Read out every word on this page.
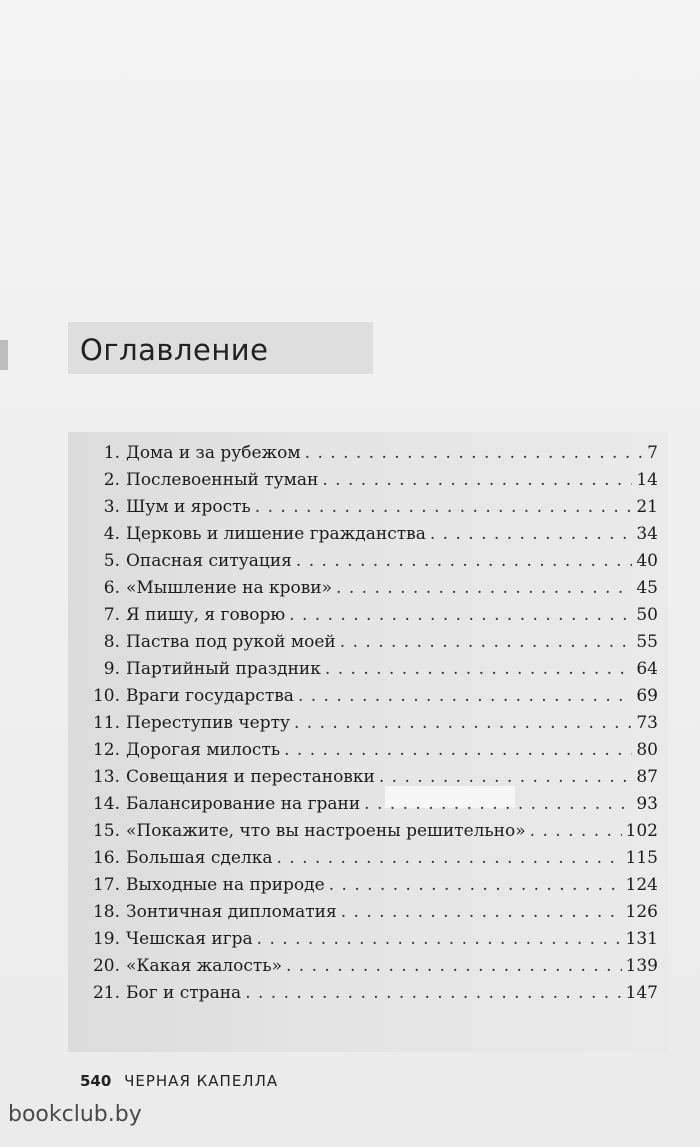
Оглавление
1. Дома и за рубежом . . .	7
2. Послевоенный туман . . .	14
3. Шум и ярость . . .	21
4. Церковь и лишение гражданства . . .	34
5. Опасная ситуация . . .	40
6. «Мышление на крови» . . .	45
7. Я пишу, я говорю . . .	50
8. Паства под рукой моей . . .	55
9. Партийный праздник . . .	64
10. Враги государства . . .	69
11. Переступив черту . . .	73
12. Дорогая милость . . .	80
13. Совещания и перестановки . . .	87
14. Балансирование на грани . . .	93
15. «Покажите, что вы настроены решительно» . . .	102
16. Большая сделка . . .	115
17. Выходные на природе . . .	124
18. Зонтичная дипломатия . . .	126
19. Чешская игра . . .	131
20. «Какая жалость» . . .	139
21. Бог и страна . . .	147
540 ЧЕРНАЯ КАПЕЛЛА
bookclub.by
